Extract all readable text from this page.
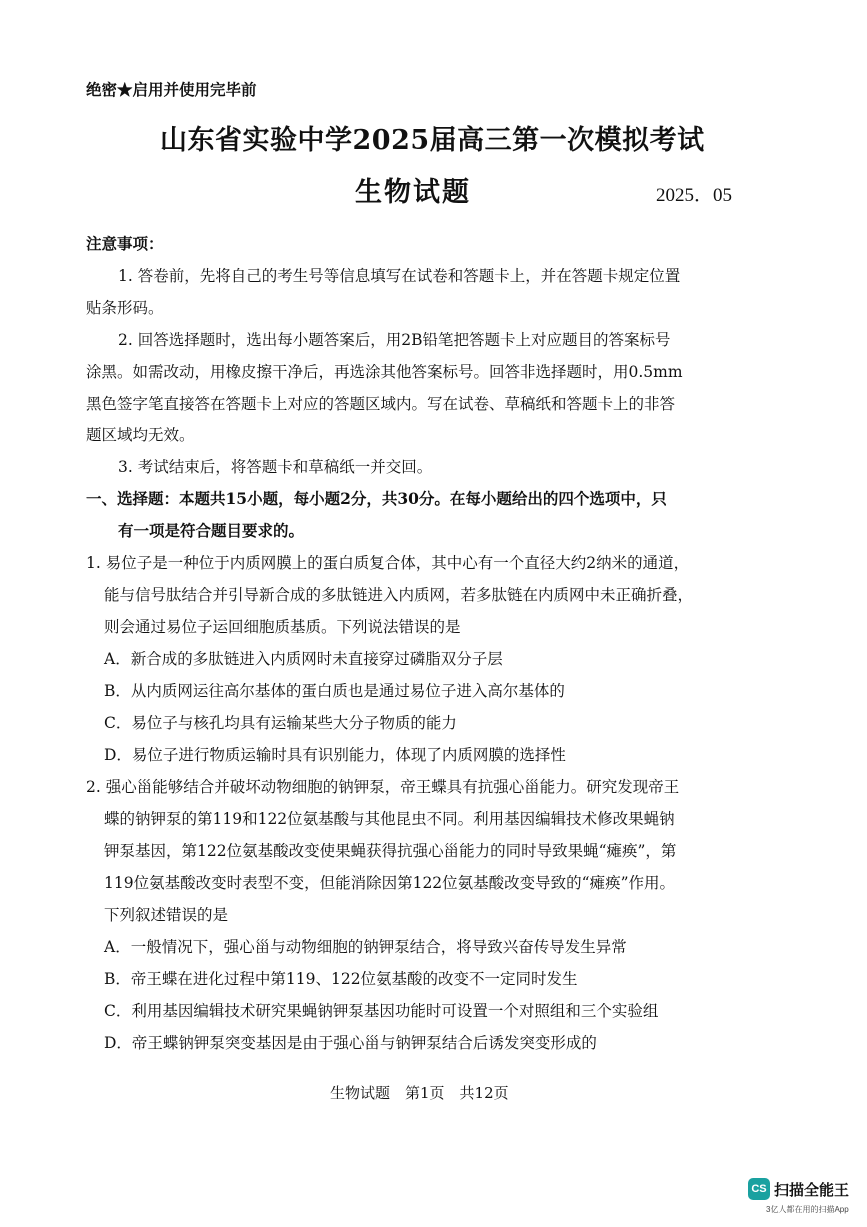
绝密★启用并使用完毕前
山东省实验中学2025届高三第一次模拟考试
生物试题	2025．05
注意事项：
1. 答卷前，先将自己的考生号等信息填写在试卷和答题卡上，并在答题卡规定位置
贴条形码。
2. 回答选择题时，选出每小题答案后，用2B铅笔把答题卡上对应题目的答案标号
涂黑。如需改动，用橡皮擦干净后，再选涂其他答案标号。回答非选择题时，用0.5mm
黑色签字笔直接答在答题卡上对应的答题区域内。写在试卷、草稿纸和答题卡上的非答
题区域均无效。
3. 考试结束后，将答题卡和草稿纸一并交回。
一、选择题：本题共15小题，每小题2分，共30分。在每小题给出的四个选项中，只
有一项是符合题目要求的。
1. 易位子是一种位于内质网膜上的蛋白质复合体，其中心有一个直径大约2纳米的通道，
能与信号肽结合并引导新合成的多肽链进入内质网，若多肽链在内质网中未正确折叠，
则会通过易位子运回细胞质基质。下列说法错误的是
A．新合成的多肽链进入内质网时未直接穿过磷脂双分子层
B．从内质网运往高尔基体的蛋白质也是通过易位子进入高尔基体的
C．易位子与核孔均具有运输某些大分子物质的能力
D．易位子进行物质运输时具有识别能力，体现了内质网膜的选择性
2. 强心甾能够结合并破坏动物细胞的钠钾泵，帝王蝶具有抗强心甾能力。研究发现帝王
蝶的钠钾泵的第119和122位氨基酸与其他昆虫不同。利用基因编辑技术修改果蝇钠
钾泵基因，第122位氨基酸改变使果蝇获得抗强心甾能力的同时导致果蝇“瘫痪”，第
119位氨基酸改变时表型不变，但能消除因第122位氨基酸改变导致的“瘫痪”作用。
下列叙述错误的是
A．一般情况下，强心甾与动物细胞的钠钾泵结合，将导致兴奋传导发生异常
B．帝王蝶在进化过程中第119、122位氨基酸的改变不一定同时发生
C．利用基因编辑技术研究果蝇钠钾泵基因功能时可设置一个对照组和三个实验组
D．帝王蝶钠钾泵突变基因是由于强心甾与钠钾泵结合后诱发突变形成的
生物试题　第1页　共12页
CS 扫描全能王
3亿人都在用的扫描App
